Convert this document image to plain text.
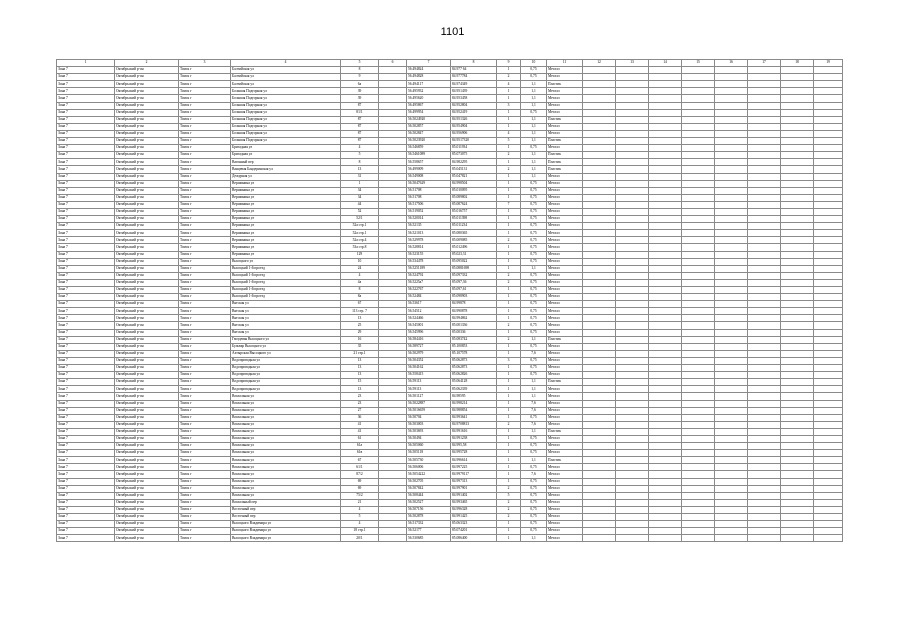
1101
1	2	3	4	5	6	7	8	9	10	11	12	13	14	15	16	17	18	19
Зона 7	Октябрьский р-он	Томск г	Балтийская ул	8		56.494824	84.977 64	1	0,75	Металл								
Зона 7	Октябрьский р-он	Томск г	Балтийская ул	9		56.494828	84.977784	2	0,75	Металл								
Зона 7	Октябрьский р-он	Томск г	Балтийская ул	6а		56.494117	84.974349	4	1,1	Пластик								
Зона 7	Октябрьский р-он	Томск г	Большая Подгорная ул	39		56.495932	84.951439	1	1,1	Металл								
Зона 7	Октябрьский р-он	Томск г	Большая Подгорная ул	39		56.495620	84.953458	1	1,1	Металл								
Зона 7	Октябрьский р-он	Томск г	Большая Подгорная ул	87		56.495867	84.952804	3	1,1	Металл								
Зона 7	Октябрьский р-он	Томск г	Большая Подгорная ул	81/1		56.499954	84.952419	1	0,75	Металл								
Зона 7	Октябрьский р-он	Томск г	Большая Подгорная ул	87		56.5024920	84.951326	1	1,1	Пластик								
Зона 7	Октябрьский р-он	Томск г	Большая Подгорная ул	87		56.502857	84.954904	1	1,1	Металл								
Зона 7	Октябрьский р-он	Томск г	Большая Подгорная ул	87		56.502847	84.956906	4	1,1	Металл								
Зона 7	Октябрьский р-он	Томск г	Большая Подгорная ул	87		56.5023920	84.9517320	5	1,1	Пластик								
Зона 7	Октябрьский р-он	Томск г	Бригадная ул	4		56.546859	85.011934	1	0,75	Металл								
Зона 7	Октябрьский р-он	Томск г	Бригадная ул	5		56.5461089	85.073075	2	1,1	Пластик								
Зона 7	Октябрьский р-он	Томск г	Вагонный пер	8		56.558657	84.982295	1	1,1	Пластик								
Зона 7	Октябрьский р-он	Томск г	Ванцевая Бандеринская ул	13		56.499009	85.045131	2	1,1	Пластик								
Зона 7	Октябрьский р-он	Томск г	Дежурная ул	31		56.549008	85.047821	1	1,1	Металл								
Зона 7	Октябрьский р-он	Томск г	Вершинина ул	1		56.5047629	84.998504	1	0,75	Металл								
Зона 7	Октябрьский р-он	Томск г	Вершинина ул	34		56.51708	85.010095	1	0,75	Металл								
Зона 7	Октябрьский р-он	Томск г	Вершинина ул	34		56.51708	85.089802	1	0,75	Металл								
Зона 7	Октябрьский р-он	Томск г	Вершинина ул	44		56.517506	85.087624	7	0,75	Металл								
Зона 7	Октябрьский р-он	Томск г	Вершинина ул	52		56.519052	85.016757	1	0,75	Металл								
Зона 7	Октябрьский р-он	Томск г	Вершинина ул	52/1		56.520014	85.011398	1	0,75	Металл								
Зона 7	Октябрьский р-он	Томск г	Вершинина ул	52а стр.1		56.52135	85.011234	1	0,75	Металл								
Зона 7	Октябрьский р-он	Томск г	Вершинина ул	52а стр.1		56.521013	85.080365	1	0,75	Металл								
Зона 7	Октябрьский р-он	Томск г	Вершинина ул	52а стр.4		56.529978	85.009085	2	0,75	Металл								
Зона 7	Октябрьский р-он	Томск г	Вершинина ул	53а стр.8		56.528814	85.012496	1	0,75	Металл								
Зона 7	Октябрьский р-он	Томск г	Вершинина ул	129		56.523155	85.023,31	1	0,75	Металл								
Зона 7	Октябрьский р-он	Томск г	Высоцкого ул	10		56.534478	85.095022	1	0,75	Металл								
Зона 7	Октябрьский р-он	Томск г	Высоцкий 1-й проезд	24		56.5251189	85.0881698	1	1,1	Металл								
Зона 7	Октябрьский р-он	Томск г	Высоцкий 1-й проезд	4		56.524792	85.097332	2	0,75	Металл								
Зона 7	Октябрьский р-он	Томск г	Высоцкий 1-й проезд	4а		56.5225a7	85.097,36	2	0,75	Металл								
Зона 7	Октябрьский р-он	Томск г	Высоцкий 1-й проезд	8		56.522767	85.097,61	1	0,75	Металл								
Зона 7	Октябрьский р-он	Томск г	Высоцкий 1-й проезд	8а		56.52484	85.098903	1	0,75	Металл								
Зона 7	Октябрьский р-он	Томск г	Вятская ул	67		56.53617	84.99878	1	0,75	Металл								
Зона 7	Октябрьский р-он	Томск г	Вятская ул	113 стр. 7		56.54512	84.990878	1	0,75	Металл								
Зона 7	Октябрьский р-он	Томск г	Вятская ул	13		56.524466	84.994862	1	0,75	Металл								
Зона 7	Октябрьский р-он	Томск г	Вятская ул	25		56.545001	85.001336	2	0,75	Металл								
Зона 7	Октябрьский р-он	Томск г	Вятская ул	29		56.545996	85.00336	1	0,75	Металл								
Зона 7	Октябрьский р-он	Томск г	Гвоздевая Высоцкого ул	16		56.584416	85.083742	2	1,1	Пластик								
Зона 7	Октябрьский р-он	Томск г	Бульвар Высоцкого ул	35		56.589727	85.100853	1	0,75	Металл								
Зона 7	Октябрьский р-он	Томск г	Ахтырская Высоцкого ул	21 стр.1		56.502979	85.107578	1	7,6	Металл								
Зона 7	Октябрьский р-он	Томск г	Водопроводная ул	13		56.504352	85.062873	3	0,75	Металл								
Зона 7	Октябрьский р-он	Томск г	Водопроводная ул	13		56.504162	85.062873	1	0,75	Металл								
Зона 7	Октябрьский р-он	Томск г	Водопроводная ул	13		56.558415	85.062826	1	0,75	Металл								
Зона 7	Октябрьский р-он	Томск г	Водопроводная ул	15		56.59113	85.064128	1	1,1	Пластик								
Зона 7	Октябрьский р-он	Томск г	Водопроводная ул	13		56.59113	85.062339	1	1,1	Металл								
Зона 7	Октябрьский р-он	Томск г	Вокзальная ул	23		56.501127	84.98595	1	1,1	Металл								
Зона 7	Октябрьский р-он	Томск г	Вокзальная ул	23		56.5022887	84.998214	1	7,6	Металл								
Зона 7	Октябрьский р-он	Томск г	Вокзальная ул	27		56.5016659	84.988854	1	7,6	Металл								
Зона 7	Октябрьский р-он	Томск г	Вокзальная ул	36		56.50704	84.993641	1	0,75	Металл								
Зона 7	Октябрьский р-он	Томск г	Вокзальная ул	41		56.503003	84.9708813	2	7,6	Металл								
Зона 7	Октябрьский р-он	Томск г	Вокзальная ул	41		56.503693	84.991616	1	1,1	Пластик								
Зона 7	Октябрьский р-он	Томск г	Вокзальная ул	61		56.50494	84.991238	1	0,75	Металл								
Зона 7	Октябрьский р-он	Томск г	Вокзальная ул	61а		56.505060	84.995,58	1	0,75	Металл								
Зона 7	Октябрьский р-он	Томск г	Вокзальная ул	61в		56.505118	84.995728	1	0,75	Металл								
Зона 7	Октябрьский р-он	Томск г	Вокзальная ул	67		56.505730	84.996614	1	1,1	Пластик								
Зона 7	Октябрьский р-он	Томск г	Вокзальная ул	61/1		56.506006	84.997225	1	0,75	Металл								
Зона 7	Октябрьский р-он	Томск г	Вокзальная ул	87/2		56.5054222	84.9979117	1	7,6	Металл								
Зона 7	Октябрьский р-он	Томск г	Вокзальная ул	69		56.502705	84.997313	1	0,75	Металл								
Зона 7	Октябрьский р-он	Томск г	Вокзальная ул	69		56.507842	84.997901	2	0,75	Металл								
Зона 7	Октябрьский р-он	Томск г	Вокзальная ул	75/2		56.508444	84.991402	5	0,75	Металл								
Зона 7	Октябрьский р-он	Томск г	Вокзальный пер	21		56.502527	84.993465	2	0,75	Металл								
Зона 7	Октябрьский р-он	Томск г	Восточный пер	4		56.507156	84.996328	2	0,75	Металл								
Зона 7	Октябрьский р-он	Томск г	Восточный пер	5		56.502878	84.991425	2	0,75	Металл								
Зона 7	Октябрьский р-он	Томск г	Высоцкого Владимира ул	4		56.517332	85.063323	1	0,75	Металл								
Зона 7	Октябрьский р-он	Томск г	Высоцкого Владимира ул	18 стр.1		56.52177	85.074201	1	0,75	Металл								
Зона 7	Октябрьский р-он	Томск г	Высоцкого Владимира ул	20/1		56.530685	85.086400	1	1,1	Металл								
